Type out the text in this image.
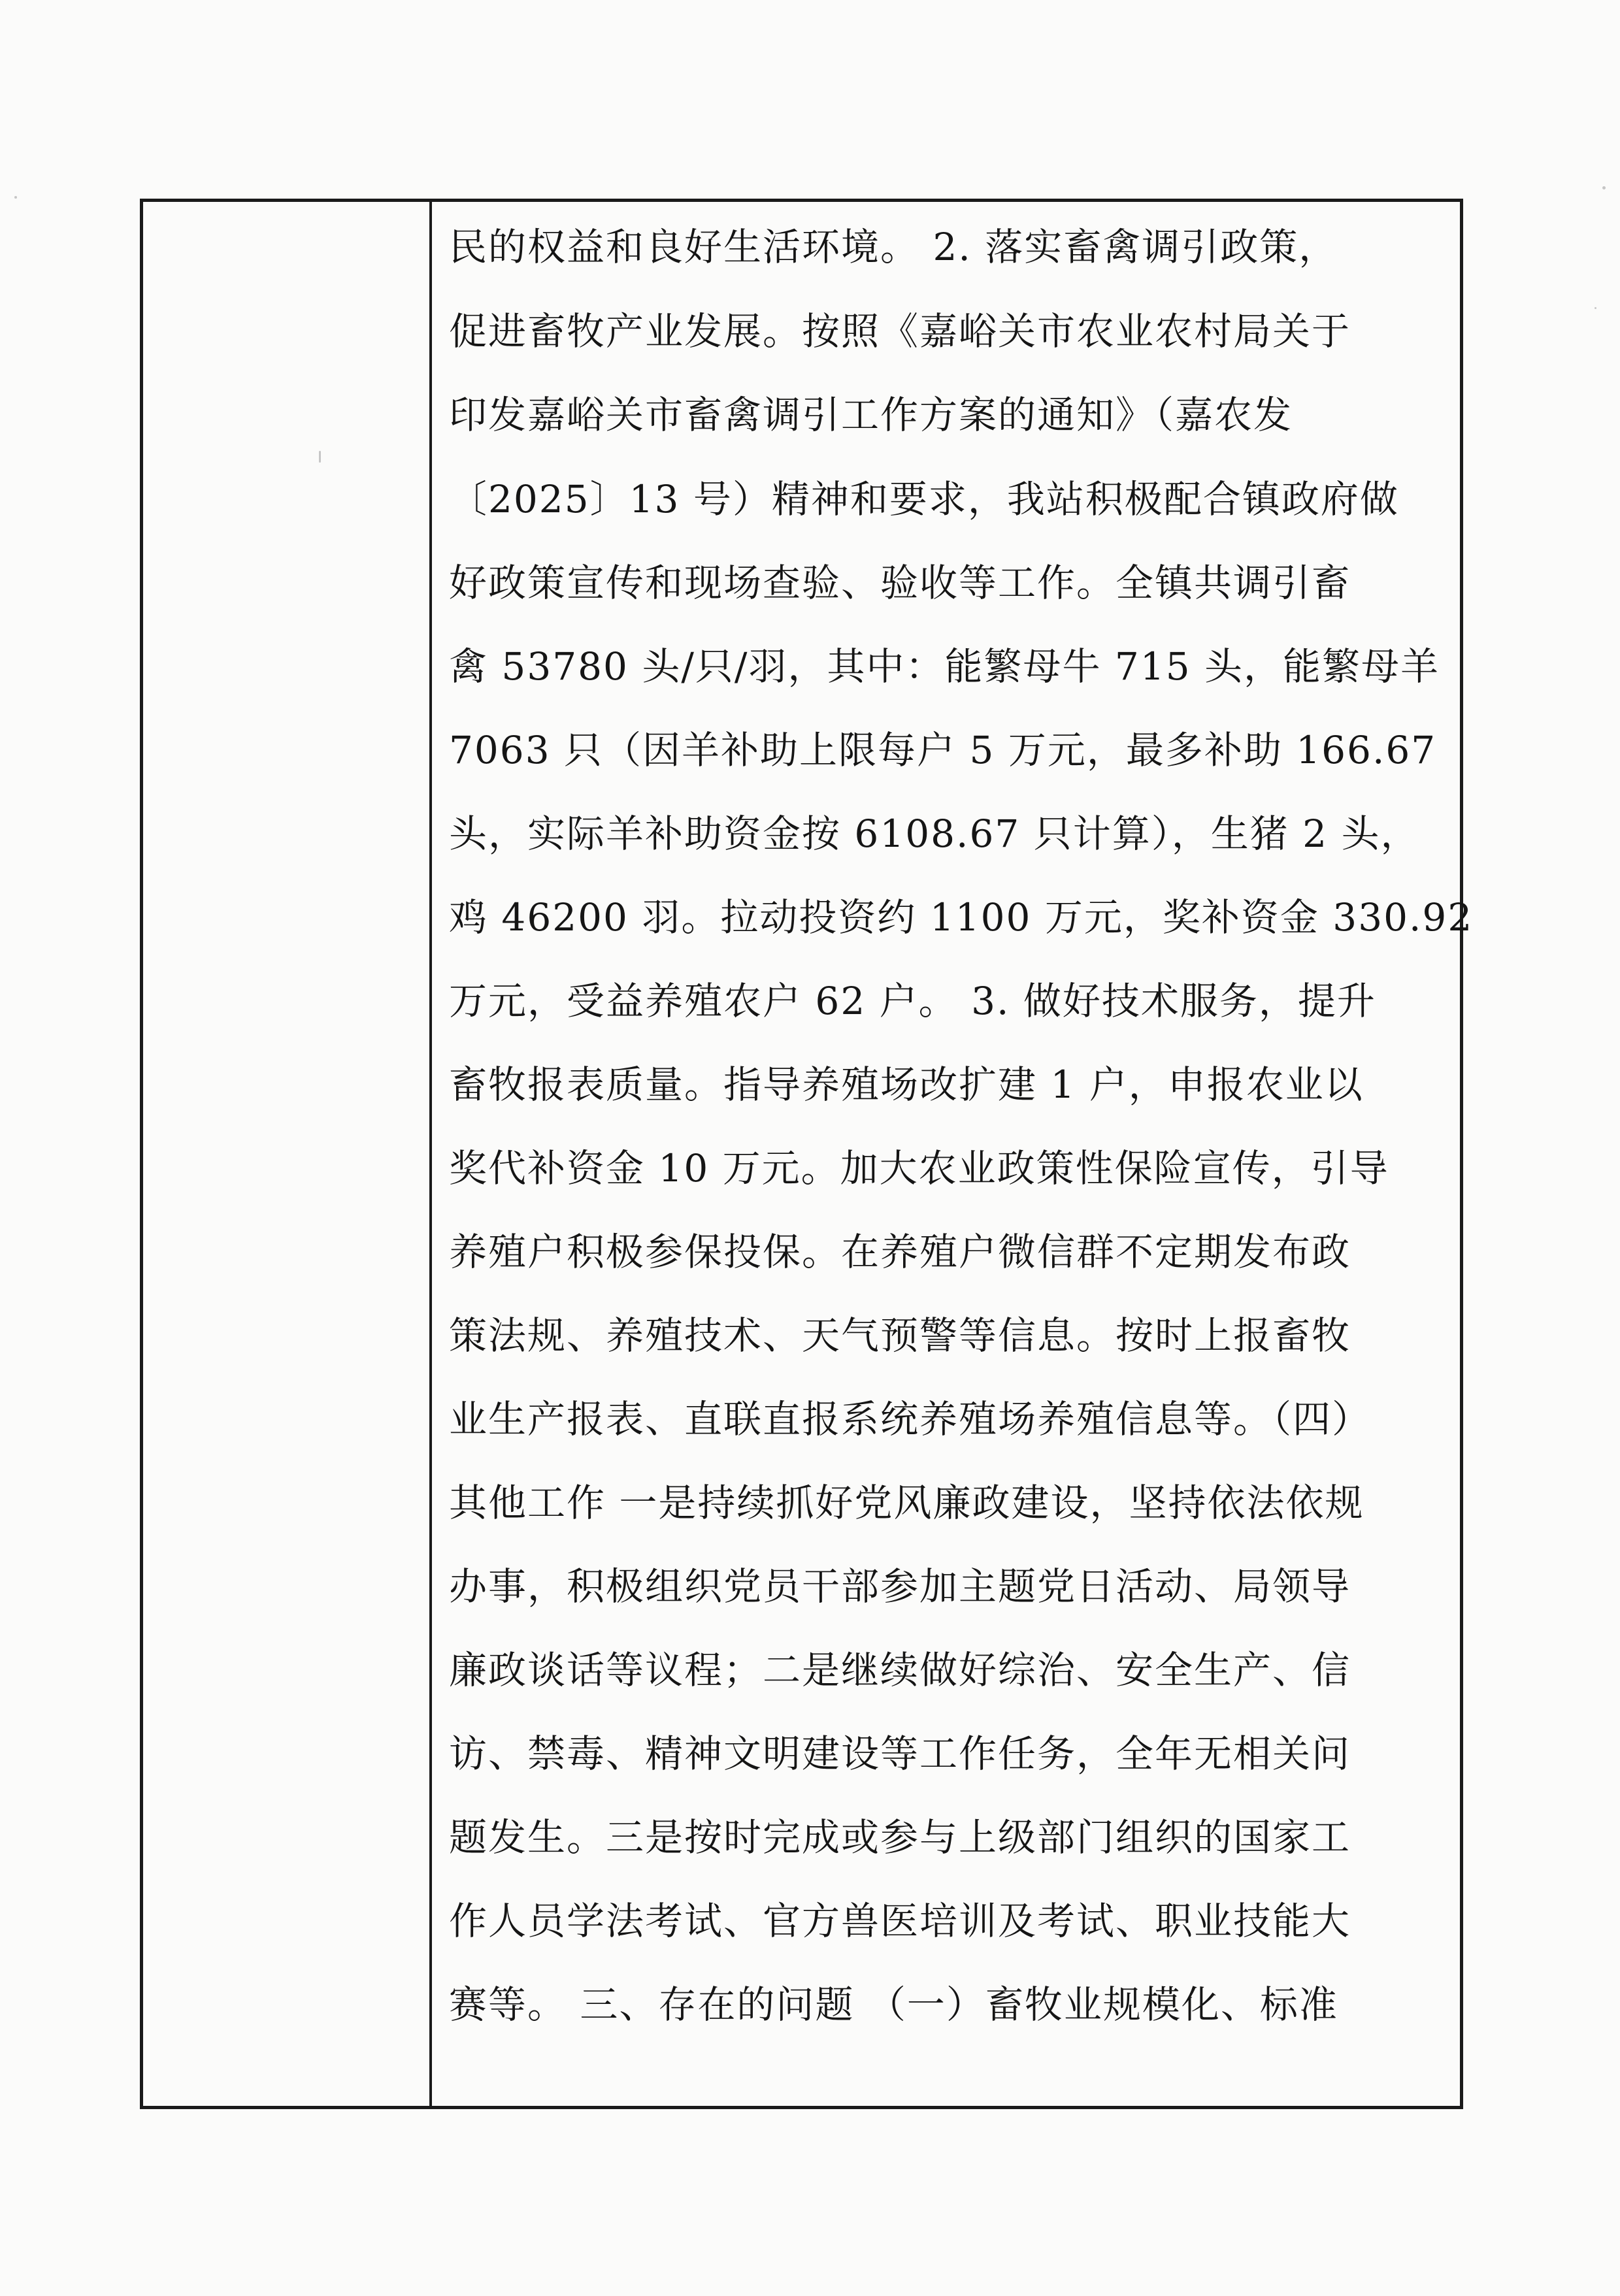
民的权益和良好生活环境。 2. 落实畜禽调引政策，
促进畜牧产业发展。按照《嘉峪关市农业农村局关于
印发嘉峪关市畜禽调引工作方案的通知》（嘉农发
〔2025〕13 号）精神和要求，我站积极配合镇政府做
好政策宣传和现场查验、验收等工作。全镇共调引畜
禽 53780 头/只/羽，其中：能繁母牛 715 头，能繁母羊
7063 只（因羊补助上限每户 5 万元，最多补助 166.67
头，实际羊补助资金按 6108.67 只计算），生猪 2 头，
鸡 46200 羽。拉动投资约 1100 万元，奖补资金 330.92
万元，受益养殖农户 62 户。 3. 做好技术服务，提升
畜牧报表质量。指导养殖场改扩建 1 户，申报农业以
奖代补资金 10 万元。加大农业政策性保险宣传，引导
养殖户积极参保投保。在养殖户微信群不定期发布政
策法规、养殖技术、天气预警等信息。按时上报畜牧
业生产报表、直联直报系统养殖场养殖信息等。（四）
其他工作 一是持续抓好党风廉政建设，坚持依法依规
办事，积极组织党员干部参加主题党日活动、局领导
廉政谈话等议程；二是继续做好综治、安全生产、信
访、禁毒、精神文明建设等工作任务，全年无相关问
题发生。三是按时完成或参与上级部门组织的国家工
作人员学法考试、官方兽医培训及考试、职业技能大
赛等。 三、存在的问题 （一）畜牧业规模化、标准
